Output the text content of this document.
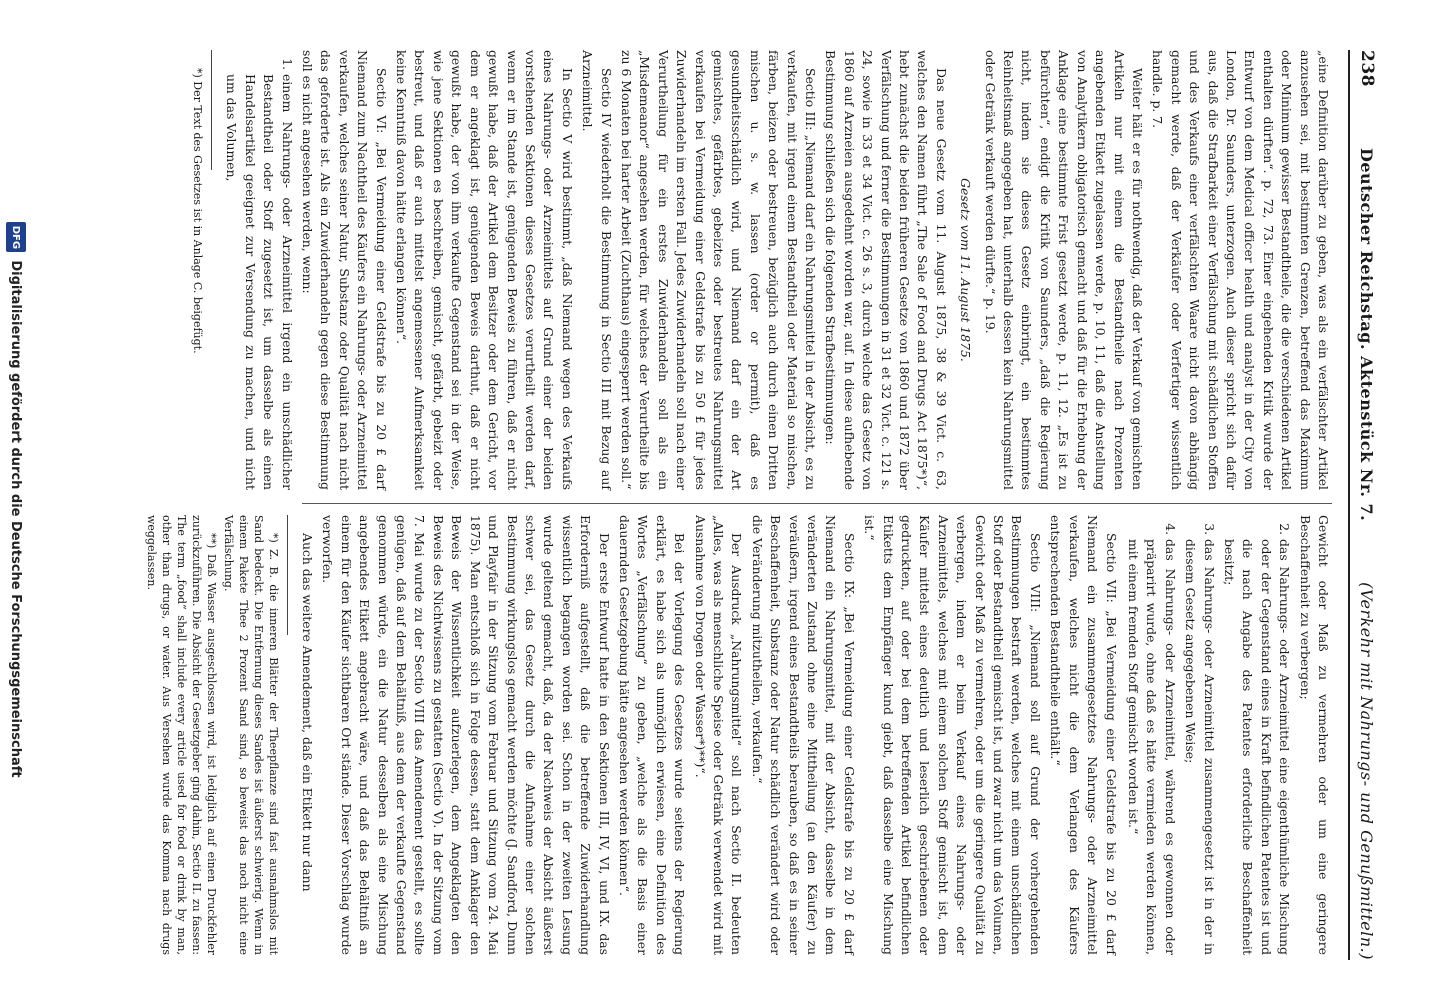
238
Deutscher Reichstag. Aktenstück Nr. 7.
(Verkehr mit Nahrungs- und Genußmitteln.)

„eine Definition darüber zu geben, was als ein verfälschter Artikel anzusehen sei, mit bestimmten Grenzen, betreffend das Maximum oder Minimum gewisser Bestandtheile, die die verschiedenen Artikel enthalten dürften“. p. 72, 73. Einer eingehenden Kritik wurde der Entwurf von dem Medical officer health und analyst in der City von London, Dr. Saunders, unterzogen. Auch dieser spricht sich dafür aus, daß die Strafbarkeit einer Verfälschung mit schädlichen Stoffen und des Verkaufs einer verfälschten Waare nicht davon abhängig gemacht werde, daß der Verkäufer oder Verfertiger wissentlich handle. p. 7.

Weiter hält er es für nothwendig, daß der Verkauf von gemischten Artikeln nur mit einem die Bestandtheile nach Prozenten angebenden Etikett zugelassen werde, p. 10, 11, daß die Anstellung von Analytikern obligatorisch gemacht und daß für die Erhebung der Anklage eine bestimmte Frist gesetzt werde, p. 11, 12. „Es ist zu befürchten“, endigt die Kritik von Saunders, „daß die Regierung nicht, indem sie dieses Gesetz einbringt, ein bestimmtes Reinheitsmaß angegeben hat, unterhalb dessen kein Nahrungsmittel oder Getränk verkauft werden dürfte.“ p. 19.

Gesetz vom 11. August 1875.

Das neue Gesetz vom 11. August 1875, 38 & 39 Vict. c. 63, welches den Namen führt „The Sale of Food and Drugs Act 1875*)“, hebt zunächst die beiden früheren Gesetze von 1860 und 1872 über Verfälschung und ferner die Bestimmungen in 31 et 32 Vict. c. 121 s. 24, sowie in 33 et 34 Vict. c. 26 s. 3, durch welche das Gesetz von 1860 auf Arzneien ausgedehnt worden war, auf. In diese aufhebende Bestimmung schließen sich die folgenden Strafbestimmungen:

Sectio III: „Niemand darf ein Nahrungsmittel in der Absicht, es zu verkaufen, mit irgend einem Bestandtheil oder Material so mischen, färben, beizen oder bestreuen, bezüglich auch durch einen Dritten mischen u. s. w. lassen (order or permit), daß es gesundheitsschädlich wird, und Niemand darf ein der Art gemischtes, gefärbtes, gebeiztes oder bestreutes Nahrungsmittel verkaufen bei Vermeidung einer Geldstrafe bis zu 50 £ für jedes Zuwiderhandeln im ersten Fall. Jedes Zuwiderhandeln soll nach einer Verurtheilung für ein erstes Zuwiderhandeln soll als ein „Misdemeanor“ angesehen werden, für welches der Verurtheilte bis zu 6 Monaten bei harter Arbeit (Zuchthaus) eingesperrt werden soll.“

Sectio IV wiederholt die Bestimmung in Sectio III mit Bezug auf Arzneimittel.

In Sectio V wird bestimmt, „daß Niemand wegen des Verkaufs eines Nahrungs- oder Arzneimittels auf Grund einer der beiden vorstehenden Sektionen dieses Gesetzes verurtheilt werden darf, wenn er im Stande ist, genügenden Beweis zu führen, daß er nicht gewußt habe, daß der Artikel dem Besitzer oder dem Gericht, vor dem er angeklagt ist, genügenden Beweis darthut, daß er nicht gewußt habe, der von ihm verkaufte Gegenstand sei in der Weise, wie jene Sektionen es beschreiben, gemischt, gefärbt, gebeizt oder bestreut, und daß er auch mittelst angemessener Aufmerksamkeit keine Kenntniß davon hätte erlangen können“.

Sectio VI: „Bei Vermeidung einer Geldstrafe bis zu 20 £ darf Niemand zum Nachtheil des Käufers ein Nahrungs- oder Arzneimittel verkaufen, welches seiner Natur, Substanz oder Qualität nach nicht das geforderte ist. Als ein Zuwiderhandeln gegen diese Bestimmung soll es nicht angesehen werden, wenn:

1. einem Nahrungs- oder Arzneimittel irgend ein unschädlicher Bestandtheil oder Stoff zugesetzt ist, um dasselbe als einen Handelsartikel geeignet zur Versendung zu machen, und nicht um das Volumen,

*) Der Text des Gesetzes ist in Anlage C. beigefügt.

Gewicht oder Maß zu vermehren oder um eine geringere Beschaffenheit zu verbergen;

2. das Nahrungs- oder Arzneimittel eine eigenthümliche Mischung oder der Gegenstand eines in Kraft befindlichen Patentes ist und die nach Angabe des Patentes erforderliche Beschaffenheit besitzt;
3. das Nahrungs- oder Arzneimittel zusammengesetzt ist in der in diesem Gesetz angegebenen Weise;
4. das Nahrungs- oder Arzneimittel, während es gewonnen oder präparirt wurde, ohne daß es hätte vermieden werden können, mit einem fremden Stoff gemischt worden ist.“

Sectio VII: „Bei Vermeidung einer Geldstrafe bis zu 20 £ darf Niemand ein zusammengesetztes Nahrungs- oder Arzneimittel verkaufen, welches nicht die dem Verlangen des Käufers entsprechenden Bestandtheile enthält.“

Sectio VIII: „Niemand soll auf Grund der vorhergehenden Bestimmungen bestraft werden, welches mit einem unschädlichen Stoff oder Bestandtheil gemischt ist, und zwar nicht um das Volumen, Gewicht oder Maß zu vermehren, oder um die geringere Qualität zu verbergen, indem er beim Verkauf eines Nahrungs- oder Arzneimittels, welches mit einem solchen Stoff gemischt ist, dem Käufer mittelst eines deutlich und leserlich geschriebenen oder gedruckten, auf oder bei dem betreffenden Artikel befindlichen Etiketts dem Empfänger kund giebt, daß dasselbe eine Mischung ist.“

Sectio IX: „Bei Vermeidung einer Geldstrafe bis zu 20 £ darf Niemand ein Nahrungsmittel, mit der Absicht, dasselbe in dem veränderten Zustand ohne eine Mittheilung (an den Käufer) zu veräußern, irgend eines Bestandtheils berauben, so daß es in seiner Beschaffenheit, Substanz oder Natur schädlich verändert wird oder die Veränderung mitzutheilen, verkaufen.“

Der Ausdruck „Nahrungsmittel“ soll nach Sectio II. bedeuten „Alles, was als menschliche Speise oder Getränk verwendet wird mit Ausnahme von Drogen oder Wasser*)**)“.

Bei der Vorlegung des Gesetzes wurde seitens der Regierung erklärt, es habe sich als unmöglich erwiesen, eine Definition des Wortes „Verfälschung“ zu geben, „welche als die Basis einer dauernden Gesetzgebung hätte angesehen werden können“.

Der erste Entwurf hatte in den Sektionen III, IV, VI, und IX. das Erforderniß aufgestellt, daß die betreffende Zuwiderhandlung wissentlich begangen worden sei. Schon in der zweiten Lesung wurde geltend gemacht, daß, da der Nachweis der Absicht äußerst schwer sei, das Gesetz durch die Aufnahme einer solchen Bestimmung wirkungslos gemacht werden möchte (J. Sandford, Dunn und Playfair in der Sitzung vom Februar und Sitzung vom 24. Mai 1875). Man entschloß sich in Folge dessen, statt dem Anklager den Beweis der Wissentlichkeit aufzuerlegen, dem Angeklagten den Beweis des Nichtwissens zu gestatten (Sectio V). In der Sitzung vom 7. Mai wurde zu der Sectio VIII das Amendement gestellt, es sollte genügen, daß auf dem Behältniß, aus dem der verkaufte Gegenstand genommen würde, ein die Natur desselben als eine Mischung angebendes Etikett angebracht wäre, und daß das Behältniß an einem für den Käufer sichtbaren Ort stände. Dieser Vorschlag wurde verworfen.

Auch das weitere Amendement, daß ein Etikett nur dann

*) Z. B. die inneren Blätter der Theepflanze sind fast ausnahmslos mit Sand bedeckt. Die Entfernung dieses Sandes ist äußerst schwierig. Wenn in einem Pakete Thee 2 Prozent Sand sind, so beweist das noch nicht eine Verfälschung.

**) Daß Wasser ausgeschlossen wird, ist lediglich auf einen Druckfehler zurückzuführen. Die Absicht der Gesetzgeber ging dahin, Sectio II. zu fassen: The term „food“ shall include every article used for food or drink by man, other than drugs, or water. Aus Versehen wurde das Komma nach drugs weggelassen.

DFG
Digitalisierung gefördert durch die Deutsche Forschungsgemeinschaft
